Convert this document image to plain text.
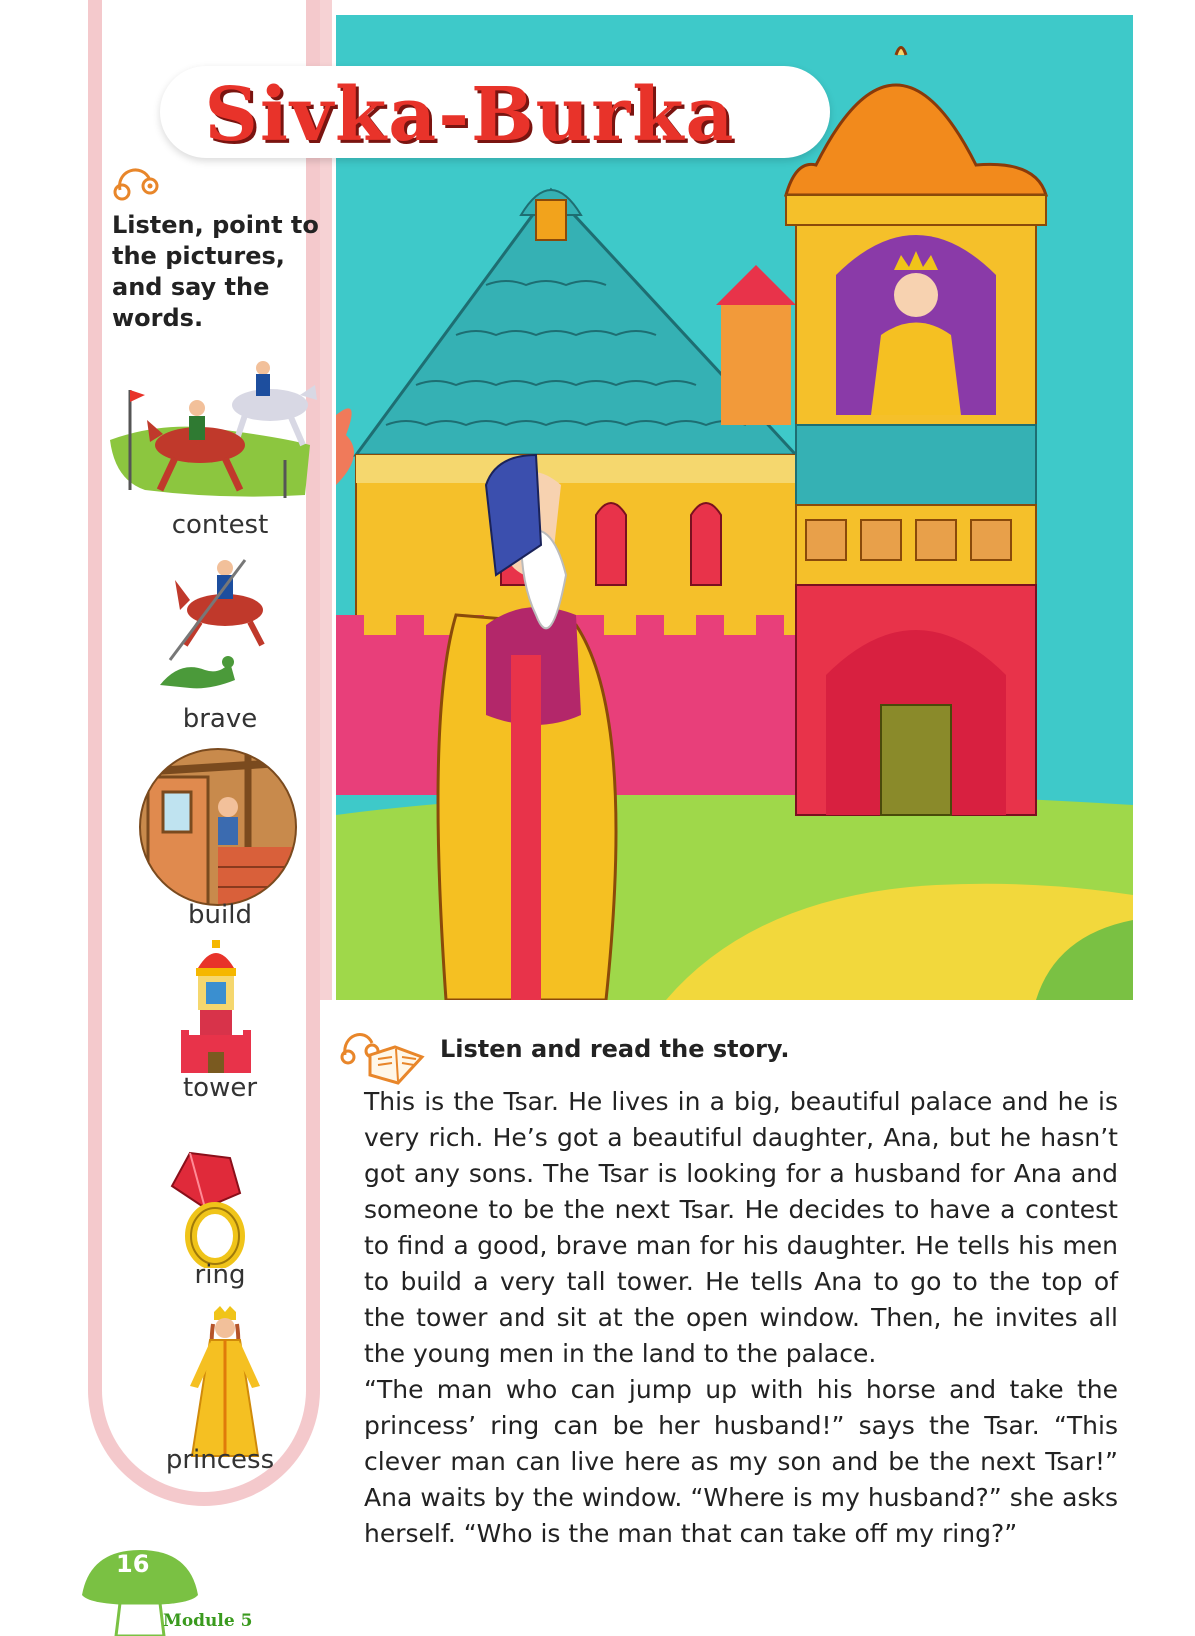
Listen, point to the pictures, and say the words.
contest
brave
build
tower
ring
princess
Sivka-Burka
Listen and read the story.

This is the Tsar. He lives in a big, beautiful palace and he is very rich. He’s got a beautiful daughter, Ana, but he hasn’t got any sons. The Tsar is looking for a husband for Ana and someone to be the next Tsar. He decides to have a contest to find a good, brave man for his daughter. He tells his men to build a very tall tower. He tells Ana to go to the top of the tower and sit at the open window. Then, he invites all the young men in the land to the palace.

“The man who can jump up with his horse and take the princess’ ring can be her husband!” says the Tsar. “This clever man can live here as my son and be the next Tsar!” Ana waits by the window. “Where is my husband?” she asks herself. “Who is the man that can take off my ring?”

16
Module 5
